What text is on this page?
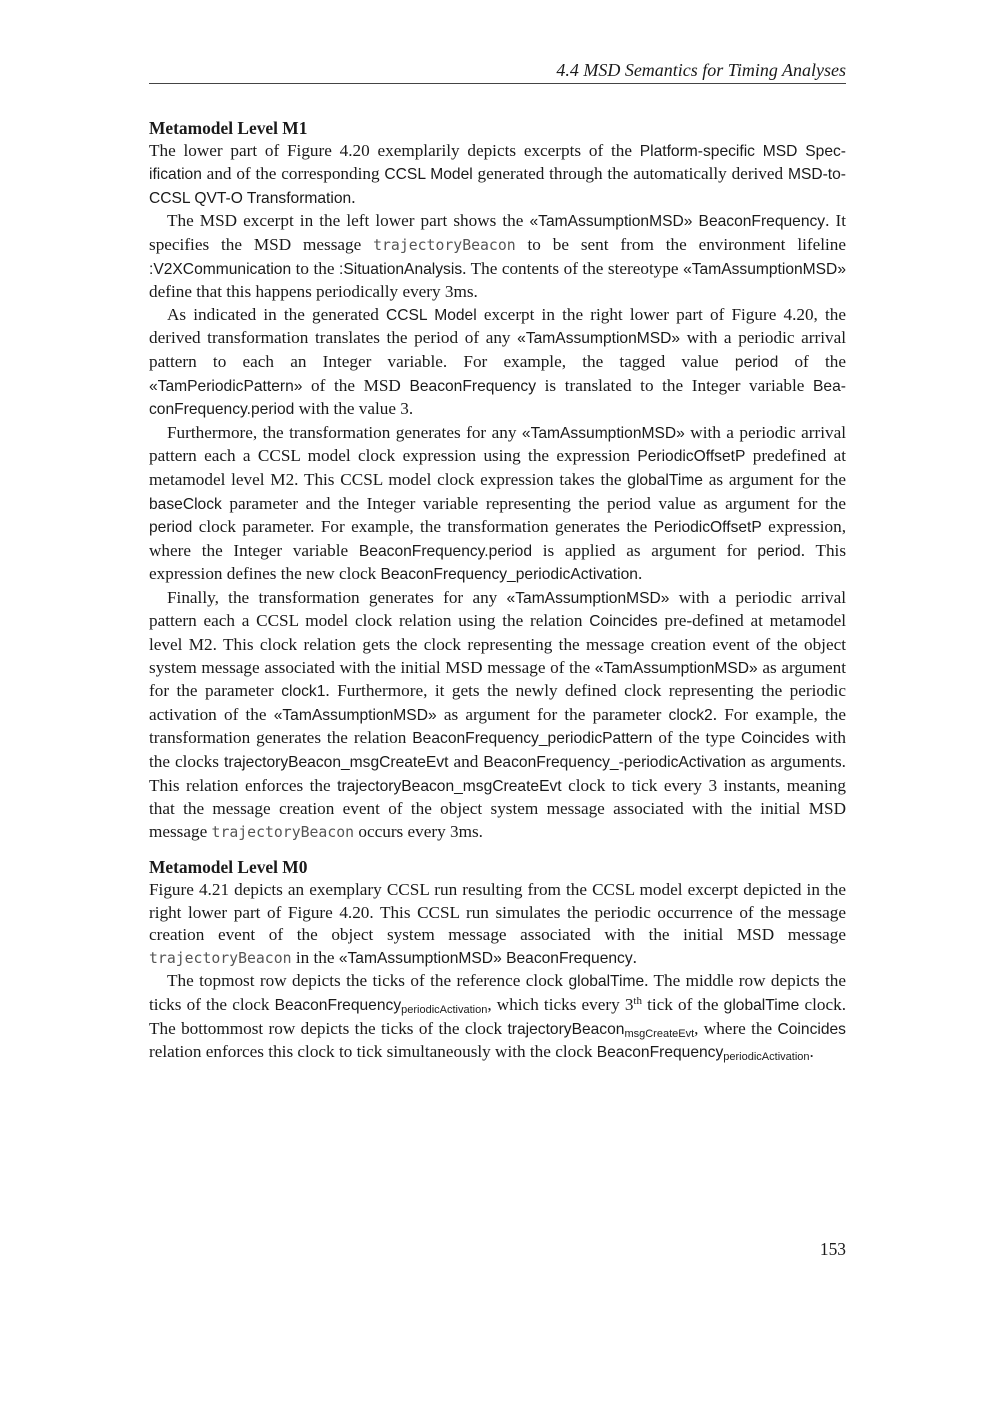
4.4 MSD Semantics for Timing Analyses
Metamodel Level M1

The lower part of Figure 4.20 exemplarily depicts excerpts of the Platform-specific MSD Specification and of the corresponding CCSL Model generated through the automatically derived MSD-to-CCSL QVT-O Transformation.

The MSD excerpt in the left lower part shows the «TamAssumptionMSD» BeaconFrequency. It specifies the MSD message trajectoryBeacon to be sent from the environment lifeline :V2XCommunication to the :SituationAnalysis. The contents of the stereotype «TamAssumptionMSD» define that this happens periodically every 3ms.

As indicated in the generated CCSL Model excerpt in the right lower part of Figure 4.20, the derived transformation translates the period of any «TamAssumptionMSD» with a periodic arrival pattern to each an Integer variable. For example, the tagged value period of the «TamPeriodicPattern» of the MSD BeaconFrequency is translated to the Integer variable BeaconFrequency.period with the value 3.

Furthermore, the transformation generates for any «TamAssumptionMSD» with a periodic arrival pattern each a CCSL model clock expression using the expression PeriodicOffsetP predefined at metamodel level M2. This CCSL model clock expression takes the globalTime as argument for the baseClock parameter and the Integer variable representing the period value as argument for the period clock parameter. For example, the transformation generates the PeriodicOffsetP expression, where the Integer variable BeaconFrequency.period is applied as argument for period. This expression defines the new clock BeaconFrequency_periodicActivation.

Finally, the transformation generates for any «TamAssumptionMSD» with a periodic arrival pattern each a CCSL model clock relation using the relation Coincides pre-defined at metamodel level M2. This clock relation gets the clock representing the message creation event of the object system message associated with the initial MSD message of the «TamAssumptionMSD» as argument for the parameter clock1. Furthermore, it gets the newly defined clock representing the periodic activation of the «TamAssumptionMSD» as argument for the parameter clock2. For example, the transformation generates the relation BeaconFrequency_periodicPattern of the type Coincides with the clocks trajectoryBeacon_msgCreateEvt and BeaconFrequency_-periodicActivation as arguments. This relation enforces the trajectoryBeacon_msgCreateEvt clock to tick every 3 instants, meaning that the message creation event of the object system message associated with the initial MSD message trajectoryBeacon occurs every 3ms.

Metamodel Level M0

Figure 4.21 depicts an exemplary CCSL run resulting from the CCSL model excerpt depicted in the right lower part of Figure 4.20. This CCSL run simulates the periodic occurrence of the message creation event of the object system message associated with the initial MSD message trajectoryBeacon in the «TamAssumptionMSD» BeaconFrequency.

The topmost row depicts the ticks of the reference clock globalTime. The middle row depicts the ticks of the clock BeaconFrequency$_{periodicActivation}$, which ticks every 3th tick of the globalTime clock. The bottommost row depicts the ticks of the clock trajectoryBeacon$_{msgCreateEvt}$, where the Coincides relation enforces this clock to tick simultaneously with the clock BeaconFrequency$_{periodicActivation}$.

153
